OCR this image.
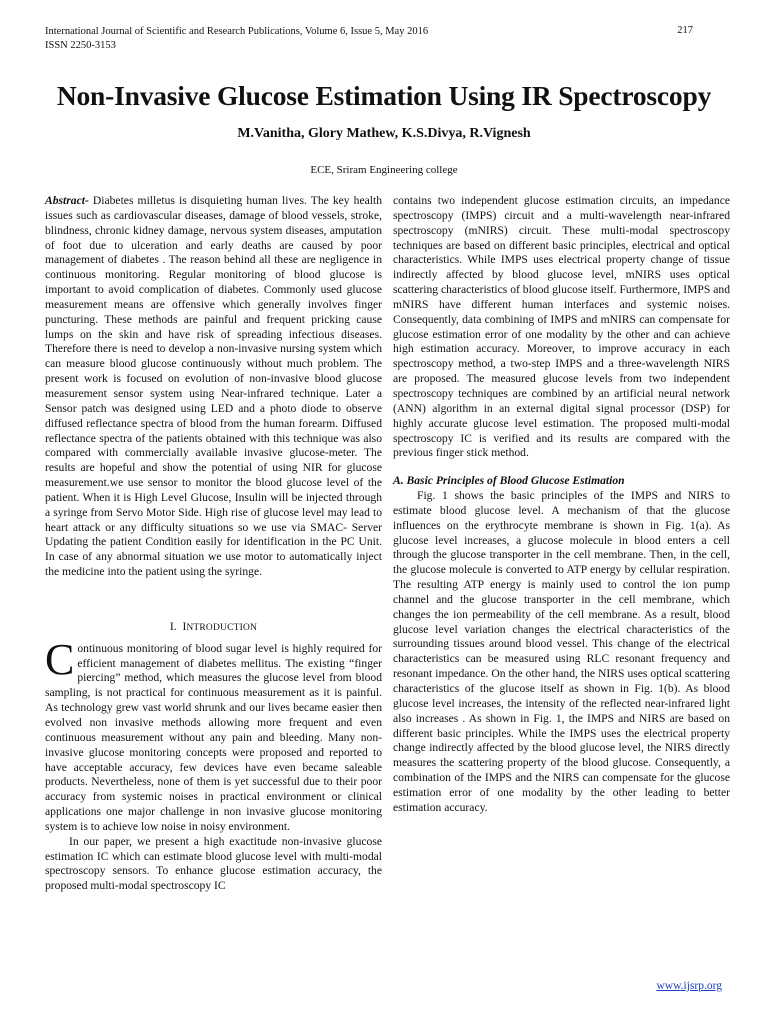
International Journal of Scientific and Research Publications, Volume 6, Issue 5, May 2016
ISSN 2250-3153
217
Non-Invasive Glucose Estimation Using IR Spectroscopy
M.Vanitha, Glory Mathew, K.S.Divya, R.Vignesh
ECE, Sriram Engineering college

Abstract- Diabetes milletus is disquieting human lives. The key health issues such as cardiovascular diseases, damage of blood vessels, stroke, blindness, chronic kidney damage, nervous system diseases, amputation of foot due to ulceration and early deaths are caused by poor management of diabetes . The reason behind all these are negligence in continuous monitoring. Regular monitoring of blood glucose is important to avoid complication of diabetes. Commonly used glucose measurement means are offensive which generally involves finger puncturing. These methods are painful and frequent pricking cause lumps on the skin and have risk of spreading infectious diseases. Therefore there is need to develop a non-invasive nursing system which can measure blood glucose continuously without much problem. The present work is focused on evolution of non-invasive blood glucose measurement sensor system using Near-infrared technique. Later a Sensor patch was designed using LED and a photo diode to observe diffused reflectance spectra of blood from the human forearm. Diffused reflectance spectra of the patients obtained with this technique was also compared with commercially available invasive glucose-meter. The results are hopeful and show the potential of using NIR for glucose measurement.we use sensor to monitor the blood glucose level of the patient. When it is High Level Glucose, Insulin will be injected through a syringe from Servo Motor Side. High rise of glucose level may lead to heart attack or any difficulty situations so we use via SMAC- Server Updating the patient Condition easily for identification in the PC Unit. In case of any abnormal situation we use motor to automatically inject the medicine into the patient using the syringe.

I. INTRODUCTION

Continuous monitoring of blood sugar level is highly required for efficient management of diabetes mellitus. The existing “finger piercing” method, which measures the glucose level from blood sampling, is not practical for continuous measurement as it is painful. As technology grew vast world shrunk and our lives became easier then evolved non invasive methods allowing more frequent and even continuous measurement without any pain and bleeding. Many non-invasive glucose monitoring concepts were proposed and reported to have acceptable accuracy, few devices have even became saleable products. Nevertheless, none of them is yet successful due to their poor accuracy from systemic noises in practical environment or clinical applications one major challenge in non invasive glucose monitoring system is to achieve low noise in noisy environment.

In our paper, we present a high exactitude non-invasive glucose estimation IC which can estimate blood glucose level with multi-modal spectroscopy sensors. To enhance glucose estimation accuracy, the proposed multi-modal spectroscopy IC

contains two independent glucose estimation circuits, an impedance spectroscopy (IMPS) circuit and a multi-wavelength near-infrared spectroscopy (mNIRS) circuit. These multi-modal spectroscopy techniques are based on different basic principles, electrical and optical characteristics. While IMPS uses electrical property change of tissue indirectly affected by blood glucose level, mNIRS uses optical scattering characteristics of blood glucose itself. Furthermore, IMPS and mNIRS have different human interfaces and systemic noises. Consequently, data combining of IMPS and mNIRS can compensate for glucose estimation error of one modality by the other and can achieve high estimation accuracy. Moreover, to improve accuracy in each spectroscopy method, a two-step IMPS and a three-wavelength NIRS are proposed. The measured glucose levels from two independent spectroscopy techniques are combined by an artificial neural network (ANN) algorithm in an external digital signal processor (DSP) for highly accurate glucose level estimation. The proposed multi-modal spectroscopy IC is verified and its results are compared with the previous finger stick method.

A. Basic Principles of Blood Glucose Estimation

Fig. 1 shows the basic principles of the IMPS and NIRS to estimate blood glucose level. A mechanism of that the glucose influences on the erythrocyte membrane is shown in Fig. 1(a). As glucose level increases, a glucose molecule in blood enters a cell through the glucose transporter in the cell membrane. Then, in the cell, the glucose molecule is converted to ATP energy by cellular respiration. The resulting ATP energy is mainly used to control the ion pump channel and the glucose transporter in the cell membrane, which changes the ion permeability of the cell membrane. As a result, blood glucose level variation changes the electrical characteristics of the surrounding tissues around blood vessel. This change of the electrical characteristics can be measured using RLC resonant frequency and resonant impedance. On the other hand, the NIRS uses optical scattering characteristics of the glucose itself as shown in Fig. 1(b). As blood glucose level increases, the intensity of the reflected near-infrared light also increases . As shown in Fig. 1, the IMPS and NIRS are based on different basic principles. While the IMPS uses the electrical property change indirectly affected by the blood glucose level, the NIRS directly measures the scattering property of the blood glucose. Consequently, a combination of the IMPS and the NIRS can compensate for the glucose estimation error of one modality by the other leading to better estimation accuracy.

www.ijsrp.org
